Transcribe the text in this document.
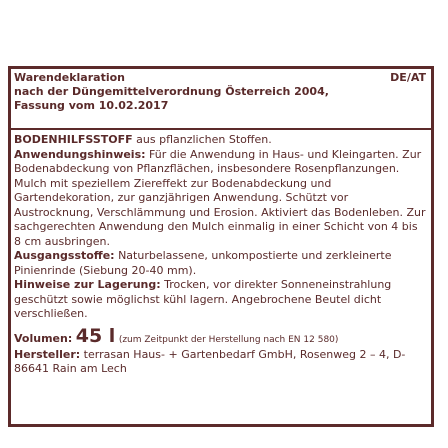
Warendeklaration
nach der Düngemittelverordnung Österreich 2004,
Fassung vom 10.02.2017
DE/AT

BODENHILFSSTOFF aus pflanzlichen Stoffen.

Anwendungshinweis: Für die Anwendung in Haus- und Kleingarten. Zur Bodenabdeckung von Pflanzflächen, insbesondere Rosenpflanzungen. Mulch mit speziellem Ziereffekt zur Bodenabdeckung und Gartendekoration, zur ganzjährigen Anwendung. Schützt vor Austrocknung, Verschlämmung und Erosion. Aktiviert das Bodenleben. Zur sachgerechten Anwendung den Mulch einmalig in einer Schicht von 4 bis 8 cm ausbringen.

Ausgangsstoffe: Naturbelassene, unkompostierte und zerkleinerte Pinienrinde (Siebung 20-40 mm).

Hinweise zur Lagerung: Trocken, vor direkter Sonneneinstrahlung geschützt sowie möglichst kühl lagern. Angebrochene Beutel dicht verschließen.

Volumen: 45 l (zum Zeitpunkt der Herstellung nach EN 12 580)

Hersteller: terrasan Haus- + Gartenbedarf GmbH, Rosenweg 2 – 4, D-86641 Rain am Lech
